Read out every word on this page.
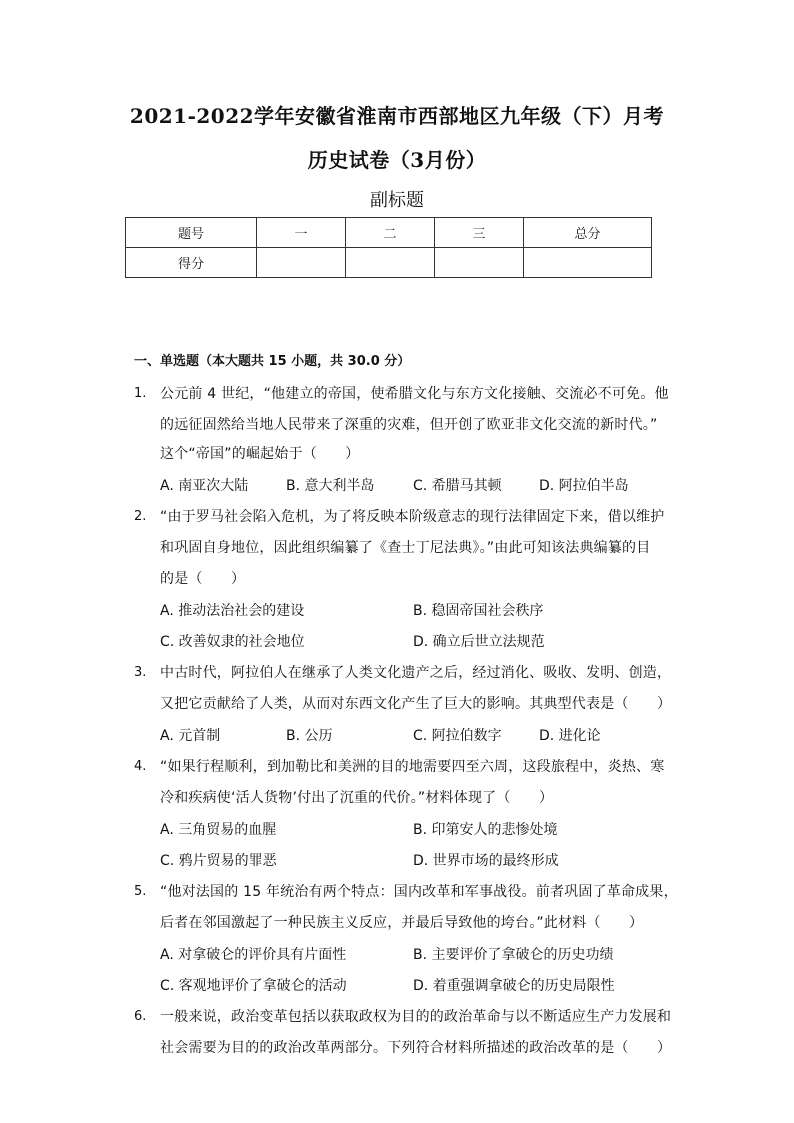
2021-2022学年安徽省淮南市西部地区九年级（下）月考
历史试卷（3月份）
副标题
题号	一	二	三	总分
得分				
一、单选题（本大题共 15 小题，共 30.0 分）
1. 公元前 4 世纪，“他建立的帝国，使希腊文化与东方文化接触、交流必不可免。他
的远征固然给当地人民带来了深重的灾难，但开创了欧亚非文化交流的新时代。”
这个“帝国”的崛起始于（　　）
A. 南亚次大陆	B. 意大利半岛	C. 希腊马其顿	D. 阿拉伯半岛
2. “由于罗马社会陷入危机，为了将反映本阶级意志的现行法律固定下来，借以维护
和巩固自身地位，因此组织编纂了《查士丁尼法典》。”由此可知该法典编纂的目
的是（　　）
A. 推动法治社会的建设	B. 稳固帝国社会秩序
C. 改善奴隶的社会地位	D. 确立后世立法规范
3. 中古时代，阿拉伯人在继承了人类文化遗产之后，经过消化、吸收、发明、创造，
又把它贡献给了人类，从而对东西文化产生了巨大的影响。其典型代表是（　　）
A. 元首制	B. 公历	C. 阿拉伯数字	D. 进化论
4. “如果行程顺利，到加勒比和美洲的目的地需要四至六周，这段旅程中，炎热、寒
冷和疾病使‘活人货物’付出了沉重的代价。”材料体现了（　　）
A. 三角贸易的血腥	B. 印第安人的悲惨处境
C. 鸦片贸易的罪恶	D. 世界市场的最终形成
5. “他对法国的 15 年统治有两个特点：国内改革和军事战役。前者巩固了革命成果，
后者在邻国激起了一种民族主义反应，并最后导致他的垮台。”此材料（　　）
A. 对拿破仑的评价具有片面性	B. 主要评价了拿破仑的历史功绩
C. 客观地评价了拿破仑的活动	D. 着重强调拿破仑的历史局限性
6. 一般来说，政治变革包括以获取政权为目的的政治革命与以不断适应生产力发展和
社会需要为目的的政治改革两部分。下列符合材料所描述的政治改革的是（　　）
